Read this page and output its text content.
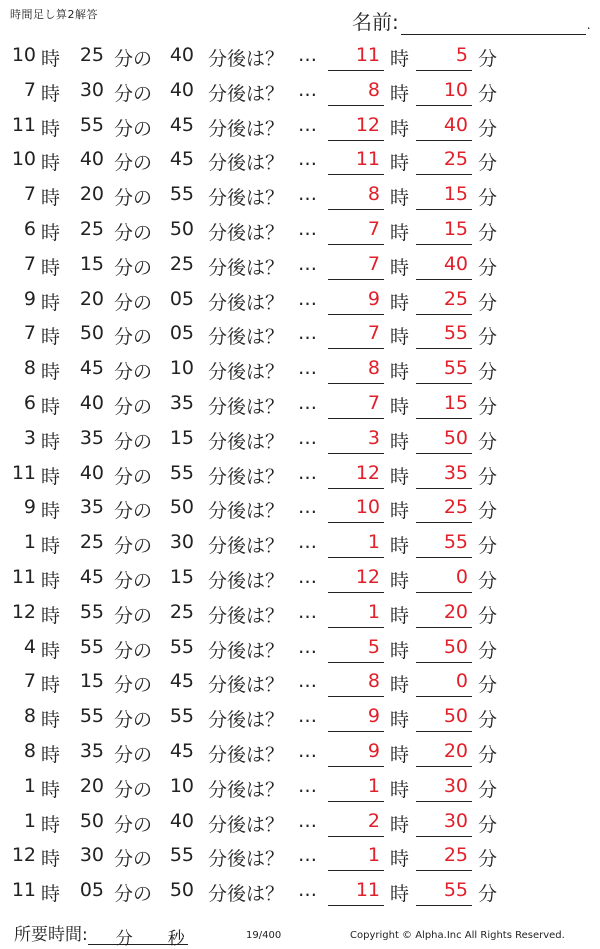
時間足し算2解答	名前:	.
10 時	25 分の 40 分後は？ …	11 時	5 分
7 時	30 分の 40 分後は？ …	8 時	10 分
11 時	55 分の 45 分後は？ …	12 時	40 分
10 時	40 分の 45 分後は？ …	11 時	25 分
7 時	20 分の 55 分後は？ …	8 時	15 分
6 時	25 分の 50 分後は？ …	7 時	15 分
7 時	15 分の 25 分後は？ …	7 時	40 分
9 時	20 分の 05 分後は？ …	9 時	25 分
7 時	50 分の 05 分後は？ …	7 時	55 分
8 時	45 分の 10 分後は？ …	8 時	55 分
6 時	40 分の 35 分後は？ …	7 時	15 分
3 時	35 分の 15 分後は？ …	3 時	50 分
11 時	40 分の 55 分後は？ …	12 時	35 分
9 時	35 分の 50 分後は？ …	10 時	25 分
1 時	25 分の 30 分後は？ …	1 時	55 分
11 時	45 分の 15 分後は？ …	12 時	0 分
12 時	55 分の 25 分後は？ …	1 時	20 分
4 時	55 分の 55 分後は？ …	5 時	50 分
7 時	15 分の 45 分後は？ …	8 時	0 分
8 時	55 分の 55 分後は？ …	9 時	50 分
8 時	35 分の 45 分後は？ …	9 時	20 分
1 時	20 分の 10 分後は？ …	1 時	30 分
1 時	50 分の 40 分後は？ …	2 時	30 分
12 時	30 分の 55 分後は？ …	1 時	25 分
11 時	05 分の 50 分後は？ …	11 時	55 分
所要時間: 分 秒	19/400	Copyright © Alpha.Inc All Rights Reserved.
